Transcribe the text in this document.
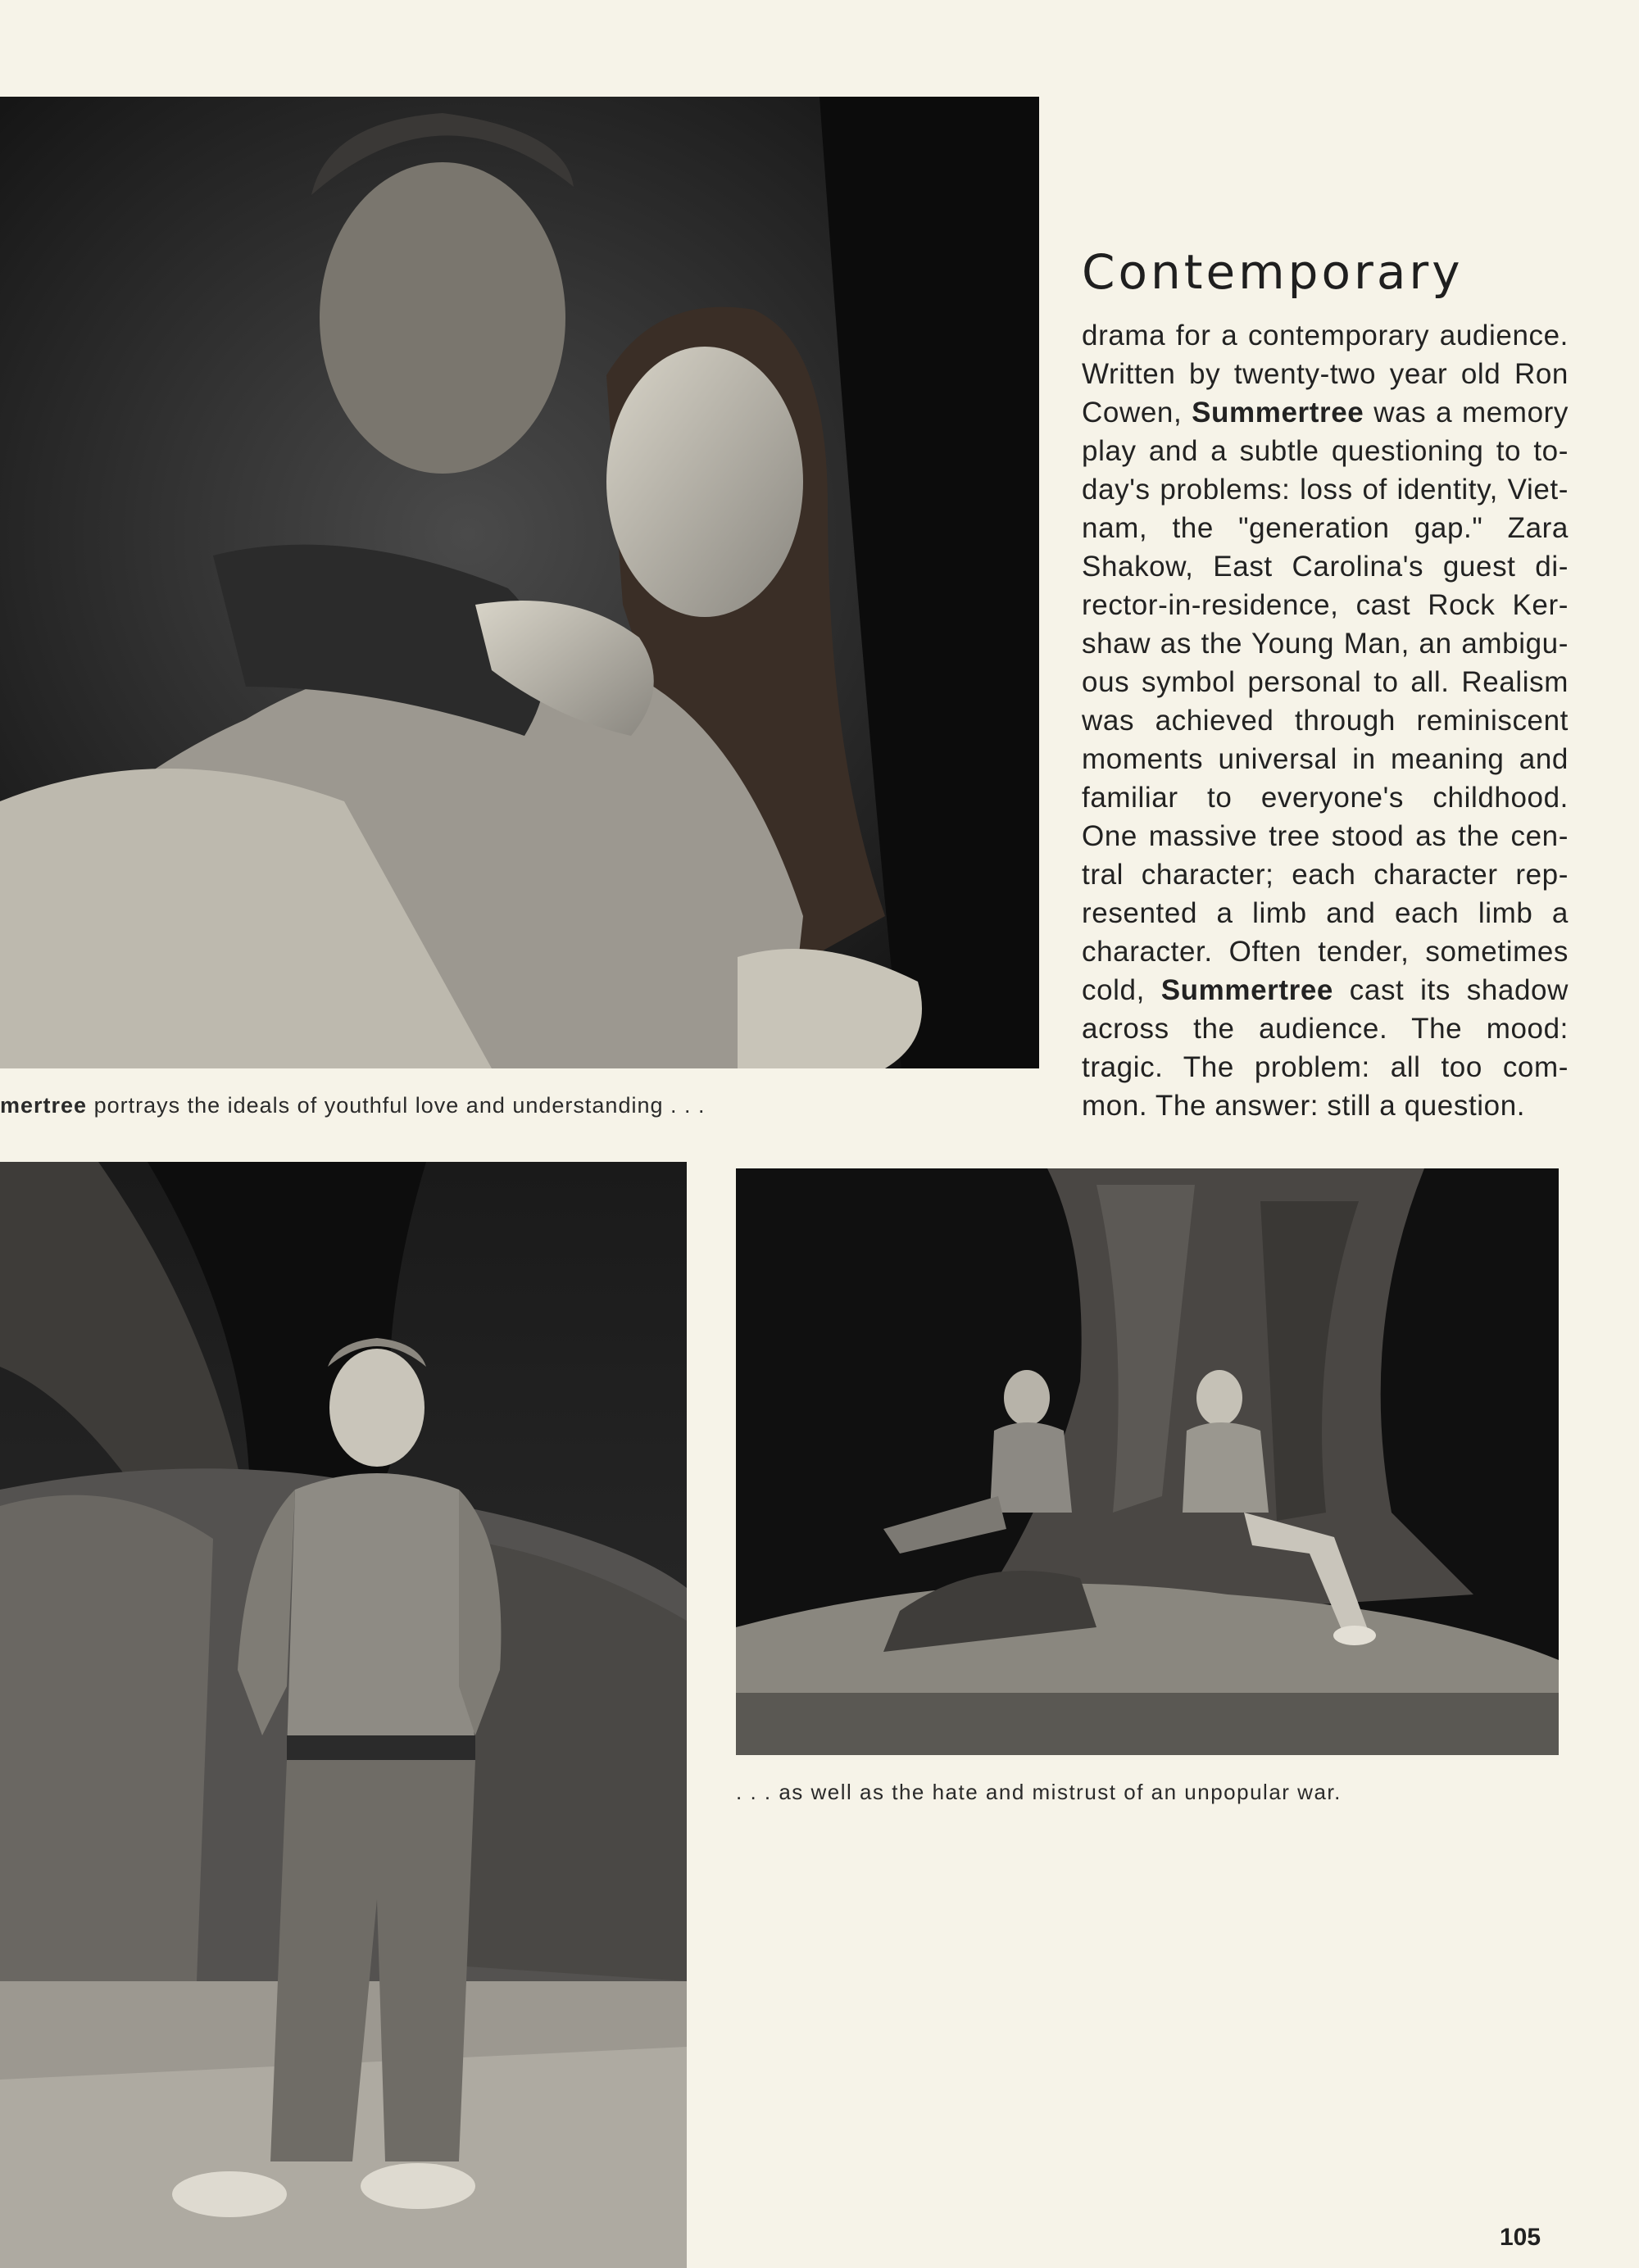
mertree portrays the ideals of youthful love and understanding . . .
Contemporary
drama for a contemporary audience.
Written by twenty-two year old Ron
Cowen, Summertree was a memory
play and a subtle questioning to to-
day's problems: loss of identity, Viet-
nam, the "generation gap." Zara
Shakow, East Carolina's guest di-
rector-in-residence, cast Rock Ker-
shaw as the Young Man, an ambigu-
ous symbol personal to all. Realism
was achieved through reminiscent
moments universal in meaning and
familiar to everyone's childhood.
One massive tree stood as the cen-
tral character; each character rep-
resented a limb and each limb a
character. Often tender, sometimes
cold, Summertree cast its shadow
across the audience. The mood:
tragic. The problem: all too com-
mon. The answer: still a question.
. . . as well as the hate and mistrust of an unpopular war.
105
